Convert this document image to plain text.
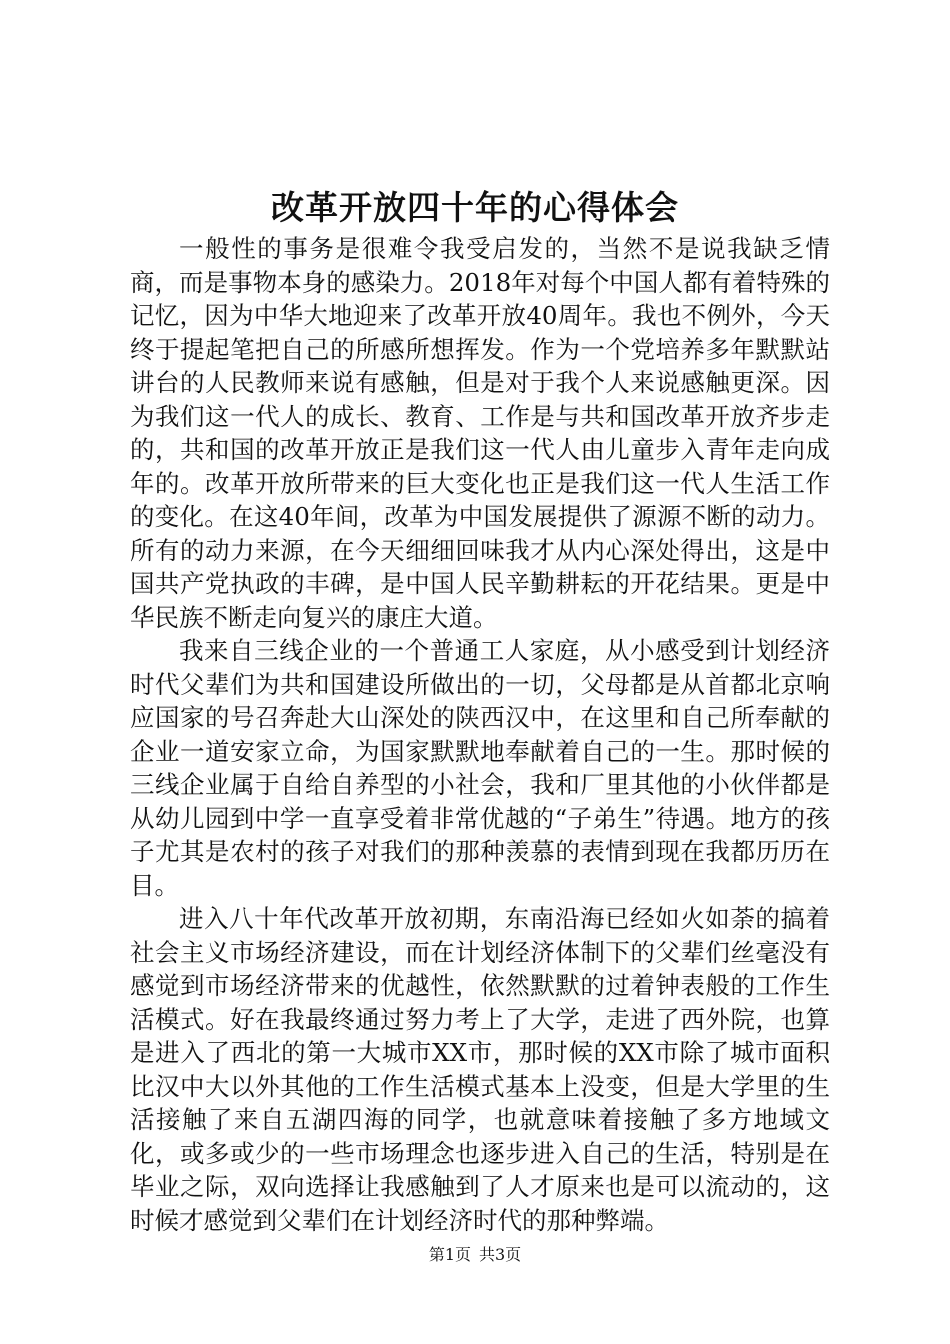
改革开放四十年的心得体会

一般性的事务是很难令我受启发的，当然不是说我缺乏情商，而是事物本身的感染力。2018年对每个中国人都有着特殊的记忆，因为中华大地迎来了改革开放40周年。我也不例外，今天终于提起笔把自己的所感所想挥发。作为一个党培养多年默默站讲台的人民教师来说有感触，但是对于我个人来说感触更深。因为我们这一代人的成长、教育、工作是与共和国改革开放齐步走的，共和国的改革开放正是我们这一代人由儿童步入青年走向成年的。改革开放所带来的巨大变化也正是我们这一代人生活工作的变化。在这40年间，改革为中国发展提供了源源不断的动力。所有的动力来源，在今天细细回味我才从内心深处得出，这是中国共产党执政的丰碑，是中国人民辛勤耕耘的开花结果。更是中华民族不断走向复兴的康庄大道。

我来自三线企业的一个普通工人家庭，从小感受到计划经济时代父辈们为共和国建设所做出的一切，父母都是从首都北京响应国家的号召奔赴大山深处的陕西汉中，在这里和自己所奉献的企业一道安家立命，为国家默默地奉献着自己的一生。那时候的三线企业属于自给自养型的小社会，我和厂里其他的小伙伴都是从幼儿园到中学一直享受着非常优越的“子弟生”待遇。地方的孩子尤其是农村的孩子对我们的那种羡慕的表情到现在我都历历在目。

进入八十年代改革开放初期，东南沿海已经如火如荼的搞着社会主义市场经济建设，而在计划经济体制下的父辈们丝毫没有感觉到市场经济带来的优越性，依然默默的过着钟表般的工作生活模式。好在我最终通过努力考上了大学，走进了西外院，也算是进入了西北的第一大城市XX市，那时候的XX市除了城市面积比汉中大以外其他的工作生活模式基本上没变，但是大学里的生活接触了来自五湖四海的同学，也就意味着接触了多方地域文化，或多或少的一些市场理念也逐步进入自己的生活，特别是在毕业之际，双向选择让我感触到了人才原来也是可以流动的，这时候才感觉到父辈们在计划经济时代的那种弊端。

第1页 共3页
